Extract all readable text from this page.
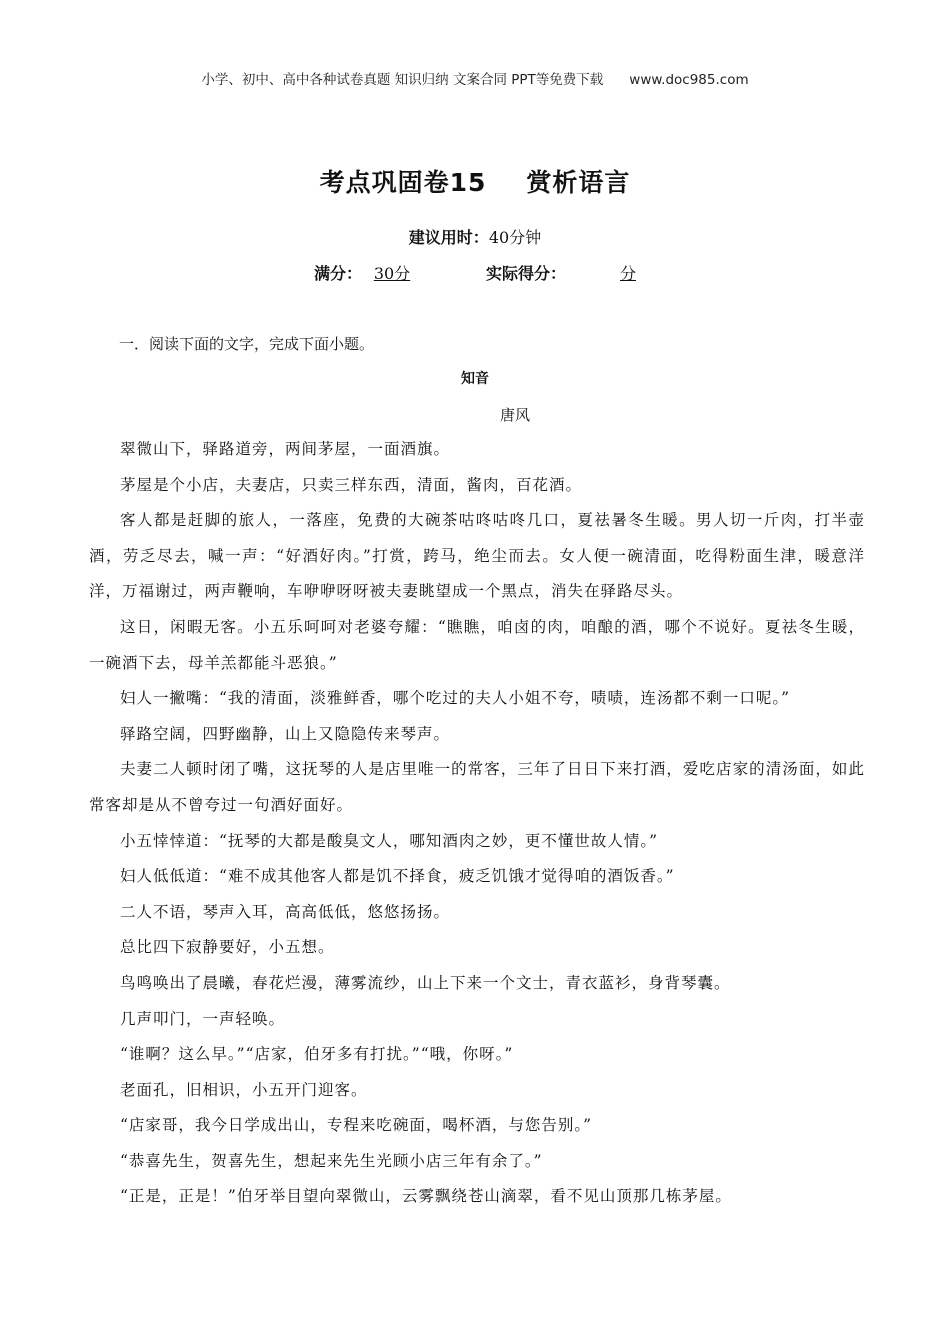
小学、初中、高中各种试卷真题 知识归纳 文案合同 PPT等免费下载 www.doc985.com
考点巩固卷15 赏析语言
建议用时：40分钟
满分： 30分	实际得分：	分
一．阅读下面的文字，完成下面小题。
知音
唐风

翠微山下，驿路道旁，两间茅屋，一面酒旗。

茅屋是个小店，夫妻店，只卖三样东西，清面，酱肉，百花酒。

客人都是赶脚的旅人，一落座，免费的大碗茶咕咚咕咚几口，夏祛暑冬生暖。男人切一斤肉，打半壶酒，劳乏尽去，喊一声：“好酒好肉。”打赏，跨马，绝尘而去。女人便一碗清面，吃得粉面生津，暖意洋洋，万福谢过，两声鞭响，车咿咿呀呀被夫妻眺望成一个黑点，消失在驿路尽头。

这日，闲暇无客。小五乐呵呵对老婆夸耀：“瞧瞧，咱卤的肉，咱酿的酒，哪个不说好。夏祛冬生暖，一碗酒下去，母羊羔都能斗恶狼。”

妇人一撇嘴：“我的清面，淡雅鲜香，哪个吃过的夫人小姐不夸，啧啧，连汤都不剩一口呢。”

驿路空阔，四野幽静，山上又隐隐传来琴声。

夫妻二人顿时闭了嘴，这抚琴的人是店里唯一的常客，三年了日日下来打酒，爱吃店家的清汤面，如此常客却是从不曾夸过一句酒好面好。

小五悻悻道：“抚琴的大都是酸臭文人，哪知酒肉之妙，更不懂世故人情。”

妇人低低道：“难不成其他客人都是饥不择食，疲乏饥饿才觉得咱的酒饭香。”

二人不语，琴声入耳，高高低低，悠悠扬扬。

总比四下寂静要好，小五想。

鸟鸣唤出了晨曦，春花烂漫，薄雾流纱，山上下来一个文士，青衣蓝衫，身背琴囊。

几声叩门，一声轻唤。

“谁啊？这么早。”“店家，伯牙多有打扰。”“哦，你呀。”

老面孔，旧相识，小五开门迎客。

“店家哥，我今日学成出山，专程来吃碗面，喝杯酒，与您告别。”

“恭喜先生，贺喜先生，想起来先生光顾小店三年有余了。”

“正是，正是！”伯牙举目望向翠微山，云雾飘绕苍山滴翠，看不见山顶那几栋茅屋。
